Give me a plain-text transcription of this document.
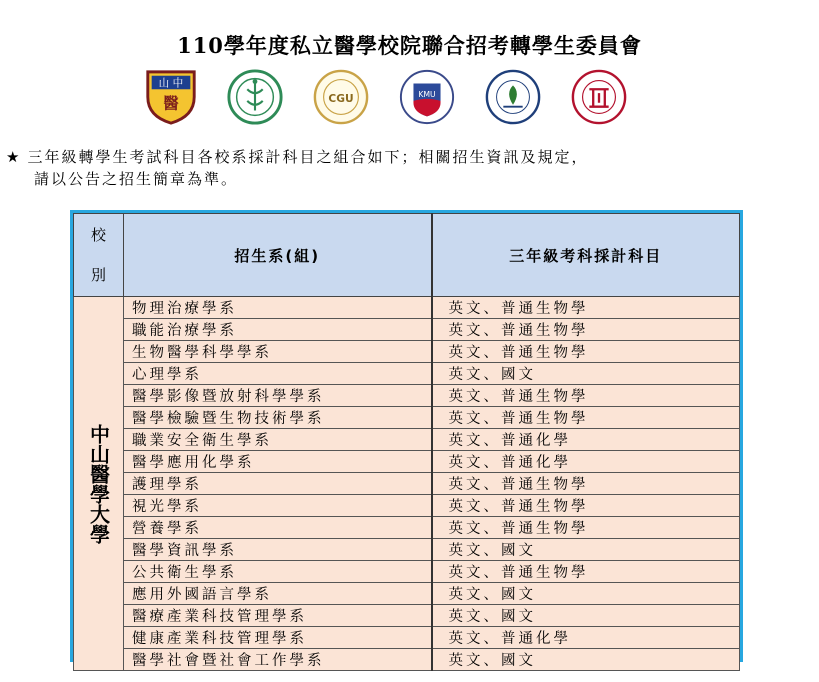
110學年度私立醫學校院聯合招考轉學生委員會
山 中
醫	CGU	KMU
★ 三年級轉學生考試科目各校系採計科目之組合如下；相關招生資訊及規定，
請以公告之招生簡章為準。
校
別	招生系(組)	三年級考科採計科目
中山醫學大學	物理治療學系	英文、普通生物學
	職能治療學系	英文、普通生物學
	生物醫學科學學系	英文、普通生物學
	心理學系	英文、國文
	醫學影像暨放射科學學系	英文、普通生物學
	醫學檢驗暨生物技術學系	英文、普通生物學
	職業安全衛生學系	英文、普通化學
	醫學應用化學系	英文、普通化學
	護理學系	英文、普通生物學
	視光學系	英文、普通生物學
	營養學系	英文、普通生物學
	醫學資訊學系	英文、國文
	公共衛生學系	英文、普通生物學
	應用外國語言學系	英文、國文
	醫療產業科技管理學系	英文、國文
	健康產業科技管理學系	英文、普通化學
	醫學社會暨社會工作學系	英文、國文
